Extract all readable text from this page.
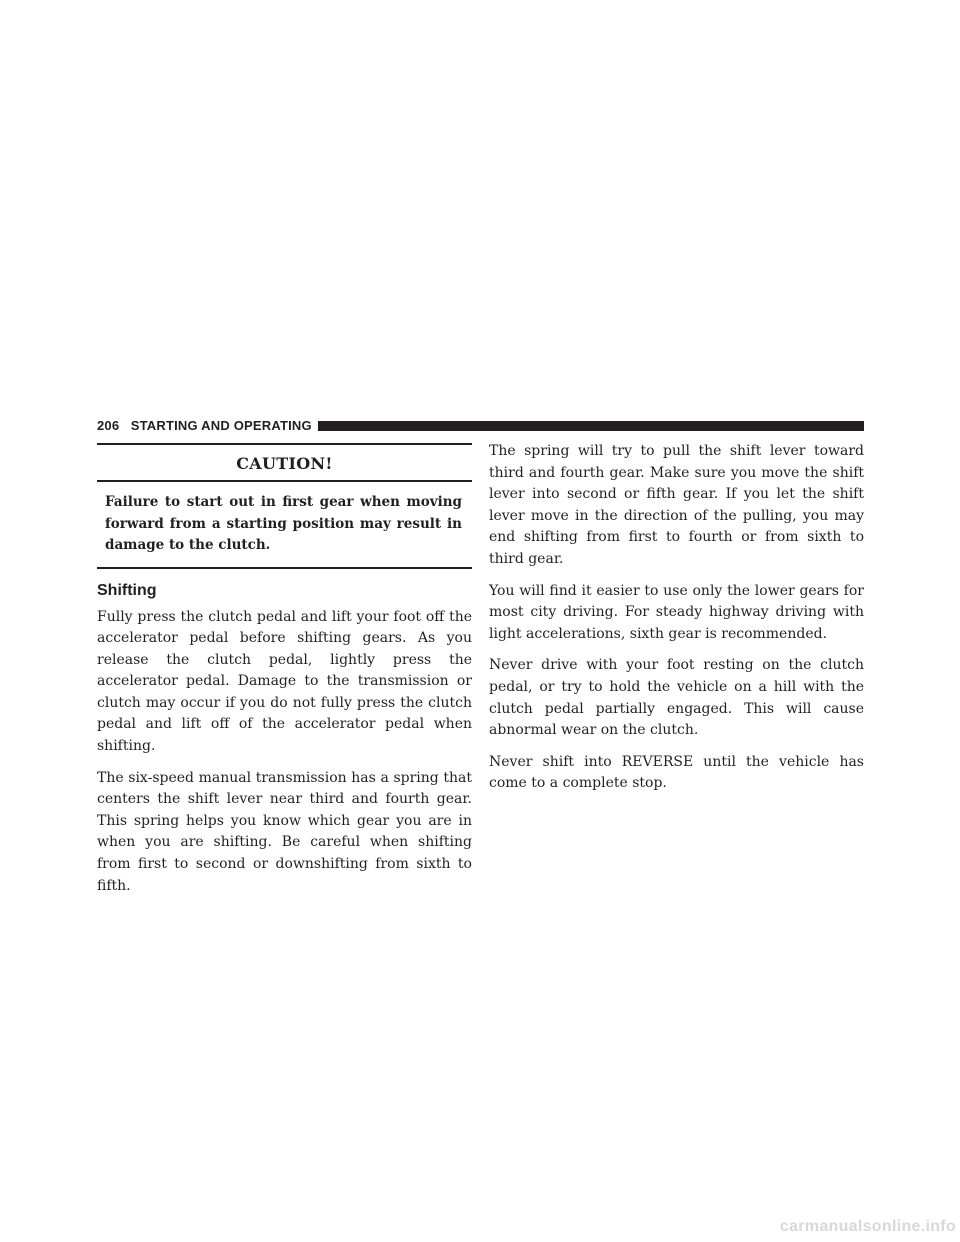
206 STARTING AND OPERATING

CAUTION!

Failure to start out in first gear when moving forward from a starting position may result in damage to the clutch.

Shifting

Fully press the clutch pedal and lift your foot off the accelerator pedal before shifting gears. As you release the clutch pedal, lightly press the accelerator pedal. Damage to the transmission or clutch may occur if you do not fully press the clutch pedal and lift off of the accelerator pedal when shifting.

The six-speed manual transmission has a spring that centers the shift lever near third and fourth gear. This spring helps you know which gear you are in when you are shifting. Be careful when shifting from first to second or downshifting from sixth to fifth.

The spring will try to pull the shift lever toward third and fourth gear. Make sure you move the shift lever into second or fifth gear. If you let the shift lever move in the direction of the pulling, you may end shifting from first to fourth or from sixth to third gear.

You will find it easier to use only the lower gears for most city driving. For steady highway driving with light accelerations, sixth gear is recommended.

Never drive with your foot resting on the clutch pedal, or try to hold the vehicle on a hill with the clutch pedal partially engaged. This will cause abnormal wear on the clutch.

Never shift into REVERSE until the vehicle has come to a complete stop.

carmanualsonline.info
